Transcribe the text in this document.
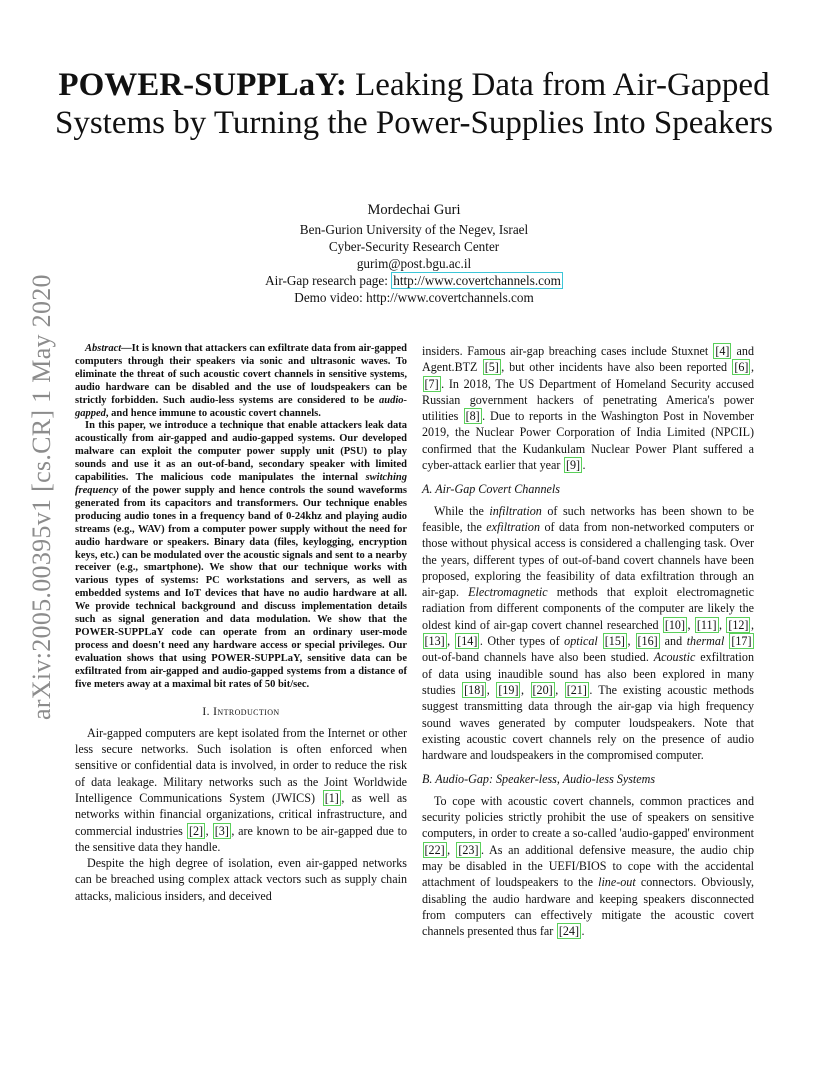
arXiv:2005.00395v1 [cs.CR] 1 May 2020
POWER-SUPPLaY: Leaking Data from Air-Gapped Systems by Turning the Power-Supplies Into Speakers
Mordechai Guri
Ben-Gurion University of the Negev, Israel
Cyber-Security Research Center
gurim@post.bgu.ac.il
Air-Gap research page: http://www.covertchannels.com
Demo video: http://www.covertchannels.com

Abstract—It is known that attackers can exfiltrate data from air-gapped computers through their speakers via sonic and ultrasonic waves. To eliminate the threat of such acoustic covert channels in sensitive systems, audio hardware can be disabled and the use of loudspeakers can be strictly forbidden. Such audio-less systems are considered to be audio-gapped, and hence immune to acoustic covert channels.

In this paper, we introduce a technique that enable attackers leak data acoustically from air-gapped and audio-gapped systems. Our developed malware can exploit the computer power supply unit (PSU) to play sounds and use it as an out-of-band, secondary speaker with limited capabilities. The malicious code manipulates the internal switching frequency of the power supply and hence controls the sound waveforms generated from its capacitors and transformers. Our technique enables producing audio tones in a frequency band of 0-24khz and playing audio streams (e.g., WAV) from a computer power supply without the need for audio hardware or speakers. Binary data (files, keylogging, encryption keys, etc.) can be modulated over the acoustic signals and sent to a nearby receiver (e.g., smartphone). We show that our technique works with various types of systems: PC workstations and servers, as well as embedded systems and IoT devices that have no audio hardware at all. We provide technical background and discuss implementation details such as signal generation and data modulation. We show that the POWER-SUPPLaY code can operate from an ordinary user-mode process and doesn't need any hardware access or special privileges. Our evaluation shows that using POWER-SUPPLaY, sensitive data can be exfiltrated from air-gapped and audio-gapped systems from a distance of five meters away at a maximal bit rates of 50 bit/sec.

I. Introduction

Air-gapped computers are kept isolated from the Internet or other less secure networks. Such isolation is often enforced when sensitive or confidential data is involved, in order to reduce the risk of data leakage. Military networks such as the Joint Worldwide Intelligence Communications System (JWICS) [1] , as well as networks within financial organizations, critical infrastructure, and commercial industries [2] , [3] , are known to be air-gapped due to the sensitive data they handle.

Despite the high degree of isolation, even air-gapped networks can be breached using complex attack vectors such as supply chain attacks, malicious insiders, and deceived

insiders. Famous air-gap breaching cases include Stuxnet [4] and Agent.BTZ [5] , but other incidents have also been reported [6] , [7] . In 2018, The US Department of Homeland Security accused Russian government hackers of penetrating America's power utilities [8] . Due to reports in the Washington Post in November 2019, the Nuclear Power Corporation of India Limited (NPCIL) confirmed that the Kudankulam Nuclear Power Plant suffered a cyber-attack earlier that year [9] .

A. Air-Gap Covert Channels

While the infiltration of such networks has been shown to be feasible, the exfiltration of data from non-networked computers or those without physical access is considered a challenging task. Over the years, different types of out-of-band covert channels have been proposed, exploring the feasibility of data exfiltration through an air-gap. Electromagnetic methods that exploit electromagnetic radiation from different components of the computer are likely the oldest kind of air-gap covert channel researched [10] , [11] , [12] , [13] , [14] . Other types of optical [15] , [16] and thermal [17] out-of-band channels have also been studied. Acoustic exfiltration of data using inaudible sound has also been explored in many studies [18] , [19] , [20] , [21] . The existing acoustic methods suggest transmitting data through the air-gap via high frequency sound waves generated by computer loudspeakers. Note that existing acoustic covert channels rely on the presence of audio hardware and loudspeakers in the compromised computer.

B. Audio-Gap: Speaker-less, Audio-less Systems

To cope with acoustic covert channels, common practices and security policies strictly prohibit the use of speakers on sensitive computers, in order to create a so-called 'audio-gapped' environment [22] , [23] . As an additional defensive measure, the audio chip may be disabled in the UEFI/BIOS to cope with the accidental attachment of loudspeakers to the line-out connectors. Obviously, disabling the audio hardware and keeping speakers disconnected from computers can effectively mitigate the acoustic covert channels presented thus far [24] .
